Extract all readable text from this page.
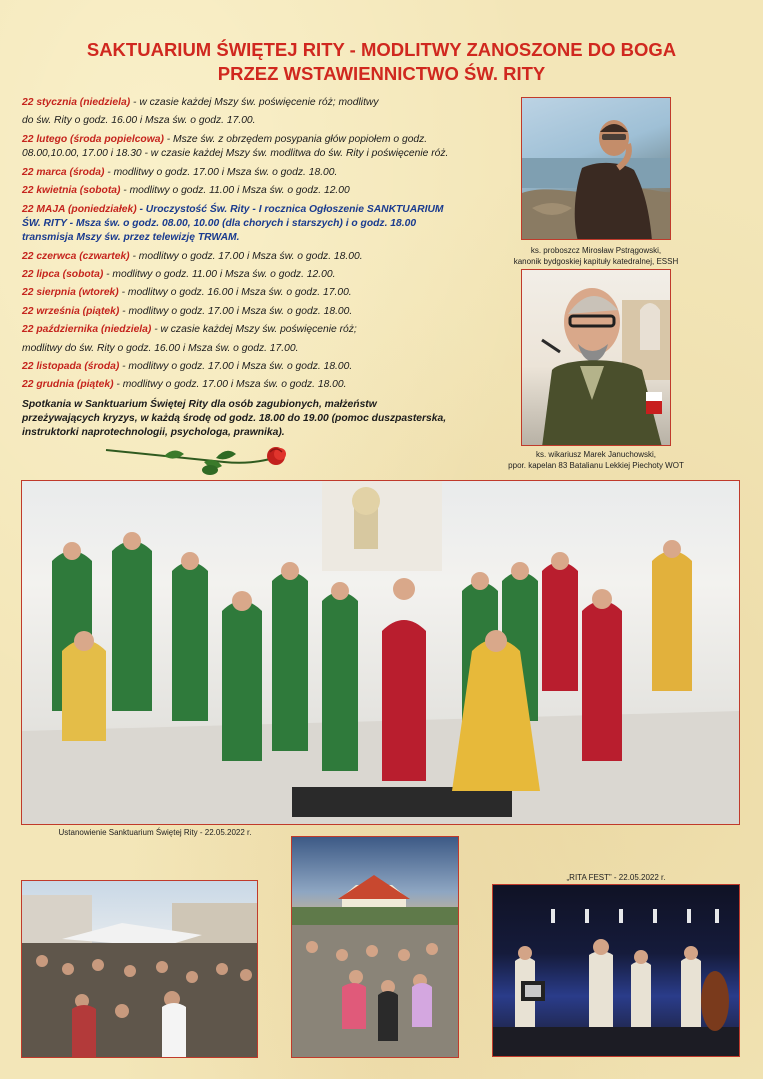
SAKTUARIUM ŚWIĘTEJ RITY - MODLITWY ZANOSZONE DO BOGA
PRZEZ WSTAWIENNICTWO ŚW. RITY

22 stycznia (niedziela) - w czasie każdej Mszy św. poświęcenie róż; modlitwy

do św. Rity o godz. 16.00 i Msza św. o godz. 17.00.

22 lutego (środa popielcowa) - Msze św. z obrzędem posypania głów popiołem o godz. 08.00,10.00, 17.00 i 18.30 - w czasie każdej Mszy św. modlitwa do św. Rity i poświęcenie róż.

22 marca (środa) - modlitwy o godz. 17.00 i Msza św. o godz. 18.00.

22 kwietnia (sobota) - modlitwy o godz. 11.00 i Msza św. o godz. 12.00

22 MAJA (poniedziałek) - Uroczystość Św. Rity - I rocznica Ogłoszenie SANKTUARIUM ŚW. RITY - Msza św. o godz. 08.00, 10.00 (dla chorych i starszych) i o godz. 18.00 transmisja Mszy św. przez telewizję TRWAM.

22 czerwca (czwartek) - modlitwy o godz. 17.00 i Msza św. o godz. 18.00.

22 lipca (sobota) - modlitwy o godz. 11.00 i Msza św. o godz. 12.00.

22 sierpnia (wtorek) - modlitwy o godz. 16.00 i Msza św. o godz. 17.00.

22 września (piątek) - modlitwy o godz. 17.00 i Msza św. o godz. 18.00.

22 października (niedziela) - w czasie każdej Mszy św. poświęcenie róż;

modlitwy do św. Rity o godz. 16.00 i Msza św. o godz. 17.00.

22 listopada (środa) - modlitwy o godz. 17.00 i Msza św. o godz. 18.00.

22 grudnia (piątek) - modlitwy o godz. 17.00 i Msza św. o godz. 18.00.

Spotkania w Sanktuarium Świętej Rity dla osób zagubionych, małżeństw przeżywających kryzys, w każdą środę od godz. 18.00 do 19.00 (pomoc duszpasterska, instruktorki naprotechnologii, psychologa, prawnika).

ks. proboszcz Mirosław Pstrągowski,
kanonik bydgoskiej kapituły katedralnej, ESSH
ks. wikariusz Marek Januchowski,
ppor. kapelan 83 Batalianu Lekkiej Piechoty WOT
Ustanowienie Sanktuarium Świętej Rity - 22.05.2022 r.
„RITA FEST” - 22.05.2022 r.
